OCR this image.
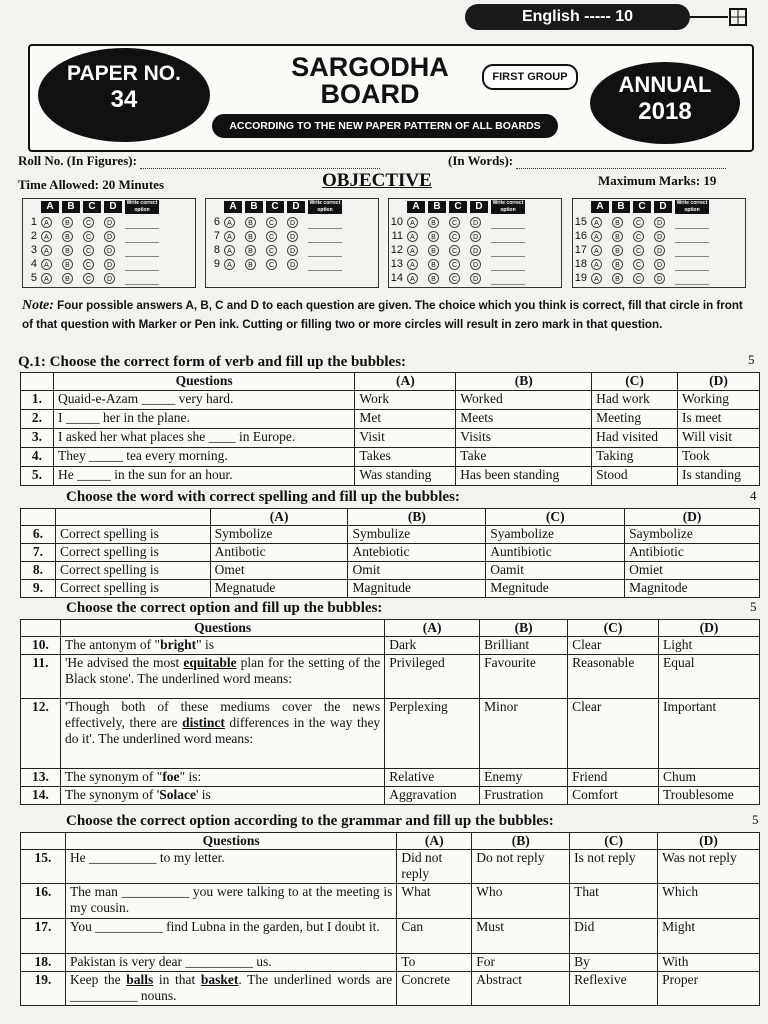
English ----- 10
PAPER NO.
34
SARGODHA
BOARD
FIRST GROUP
ACCORDING TO THE NEW PAPER PATTERN OF ALL BOARDS
ANNUAL
2018
Roll No. (In Figures):	(In Words):
Time Allowed: 20 Minutes	OBJECTIVE	Maximum Marks: 19
A	B	C	D	Write correct option
1	A	B	C	D
2	A	B	C	D
3	A	B	C	D
4	A	B	C	D
5	A	B	C	D
A	B	C	D	Write correct option
6	A	B	C	D
7	A	B	C	D
8	A	B	C	D
9	A	B	C	D
A	B	C	D	Write correct option
10	A	B	C	D
11	A	B	C	D
12	A	B	C	D
13	A	B	C	D
14	A	B	C	D
A	B	C	D	Write correct option
15	A	B	C	D
16	A	B	C	D
17	A	B	C	D
18	A	B	C	D
19	A	B	C	D
Note: Four possible answers A, B, C and D to each question are given. The choice which you think is correct, fill that circle in front of that question with Marker or Pen ink. Cutting or filling two or more circles will result in zero mark in that question.
Q.1: Choose the correct form of verb and fill up the bubbles:	5
	Questions	(A)	(B)	(C)	(D)
1.	Quaid-e-Azam _____ very hard.	Work	Worked	Had work	Working
2.	I _____ her in the plane.	Met	Meets	Meeting	Is meet
3.	I asked her what places she ____ in Europe.	Visit	Visits	Had visited	Will visit
4.	They _____ tea every morning.	Takes	Take	Taking	Took
5.	He _____ in the sun for an hour.	Was standing	Has been standing	Stood	Is standing
Choose the word with correct spelling and fill up the bubbles:	4
		(A)	(B)	(C)	(D)
6.	Correct spelling is	Symbolize	Symbulize	Syambolize	Saymbolize
7.	Correct spelling is	Antibotic	Antebiotic	Auntibiotic	Antibiotic
8.	Correct spelling is	Omet	Omit	Oamit	Omiet
9.	Correct spelling is	Megnatude	Magnitude	Megnitude	Magnitode
Choose the correct option and fill up the bubbles:	5
	Questions	(A)	(B)	(C)	(D)
10.	The antonym of "bright" is	Dark	Brilliant	Clear	Light
11.	'He advised the most equitable plan for the setting of the Black stone'. The underlined word means:	Privileged	Favourite	Reasonable	Equal
12.	'Though both of these mediums cover the news effectively, there are distinct differences in the way they do it'. The underlined word means:	Perplexing	Minor	Clear	Important
13.	The synonym of "foe" is:	Relative	Enemy	Friend	Chum
14.	The synonym of 'Solace' is	Aggravation	Frustration	Comfort	Troublesome
Choose the correct option according to the grammar and fill up the bubbles:	5
	Questions	(A)	(B)	(C)	(D)
15.	He __________ to my letter.	Did not reply	Do not reply	Is not reply	Was not reply
16.	The man __________ you were talking to at the meeting is my cousin.	What	Who	That	Which
17.	You __________ find Lubna in the garden, but I doubt it.	Can	Must	Did	Might
18.	Pakistan is very dear __________ us.	To	For	By	With
19.	Keep the balls in that basket. The underlined words are __________ nouns.	Concrete	Abstract	Reflexive	Proper
